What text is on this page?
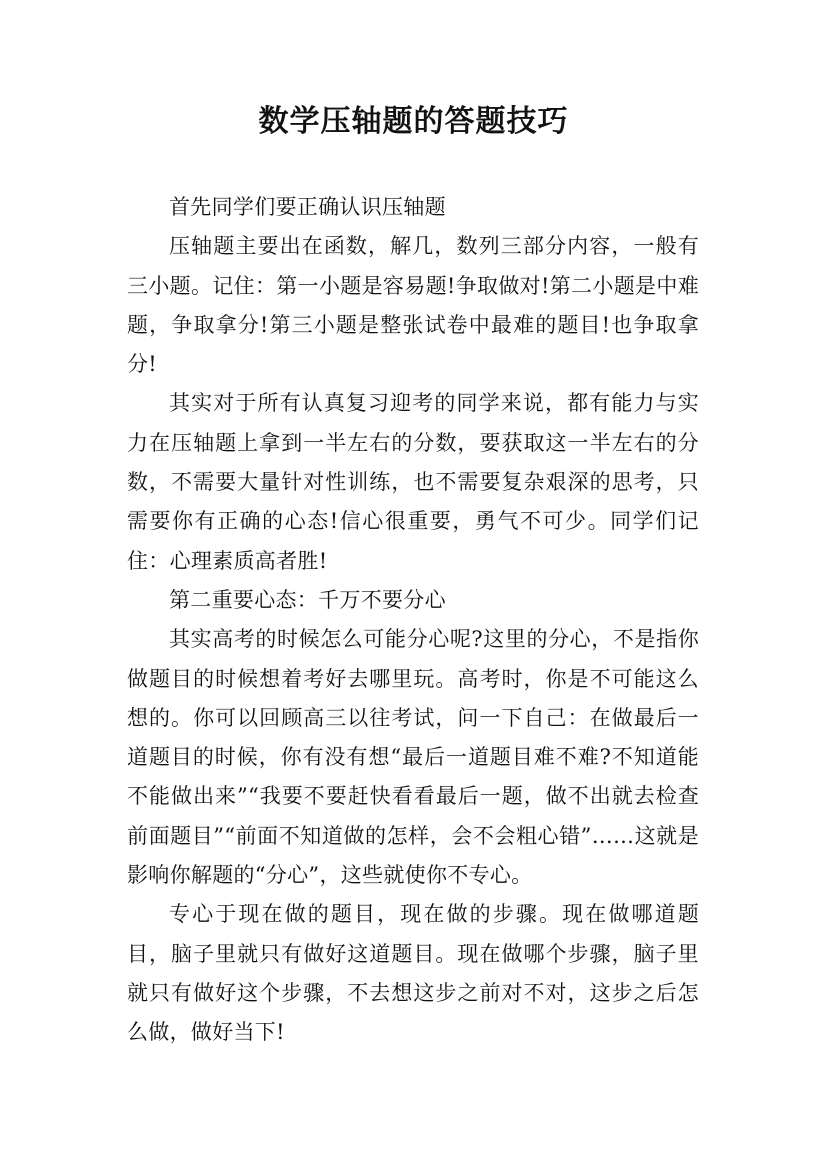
数学压轴题的答题技巧

首先同学们要正确认识压轴题

压轴题主要出在函数，解几，数列三部分内容，一般有三小题。记住：第一小题是容易题!争取做对!第二小题是中难题，争取拿分!第三小题是整张试卷中最难的题目!也争取拿分!

其实对于所有认真复习迎考的同学来说，都有能力与实力在压轴题上拿到一半左右的分数，要获取这一半左右的分数，不需要大量针对性训练，也不需要复杂艰深的思考，只需要你有正确的心态!信心很重要，勇气不可少。同学们记住：心理素质高者胜!

第二重要心态：千万不要分心

其实高考的时候怎么可能分心呢?这里的分心，不是指你做题目的时候想着考好去哪里玩。高考时，你是不可能这么想的。你可以回顾高三以往考试，问一下自己：在做最后一道题目的时候，你有没有想“最后一道题目难不难?不知道能不能做出来”“我要不要赶快看看最后一题，做不出就去检查前面题目”“前面不知道做的怎样，会不会粗心错”……这就是影响你解题的“分心”，这些就使你不专心。

专心于现在做的题目，现在做的步骤。现在做哪道题目，脑子里就只有做好这道题目。现在做哪个步骤，脑子里就只有做好这个步骤，不去想这步之前对不对，这步之后怎么做，做好当下!
